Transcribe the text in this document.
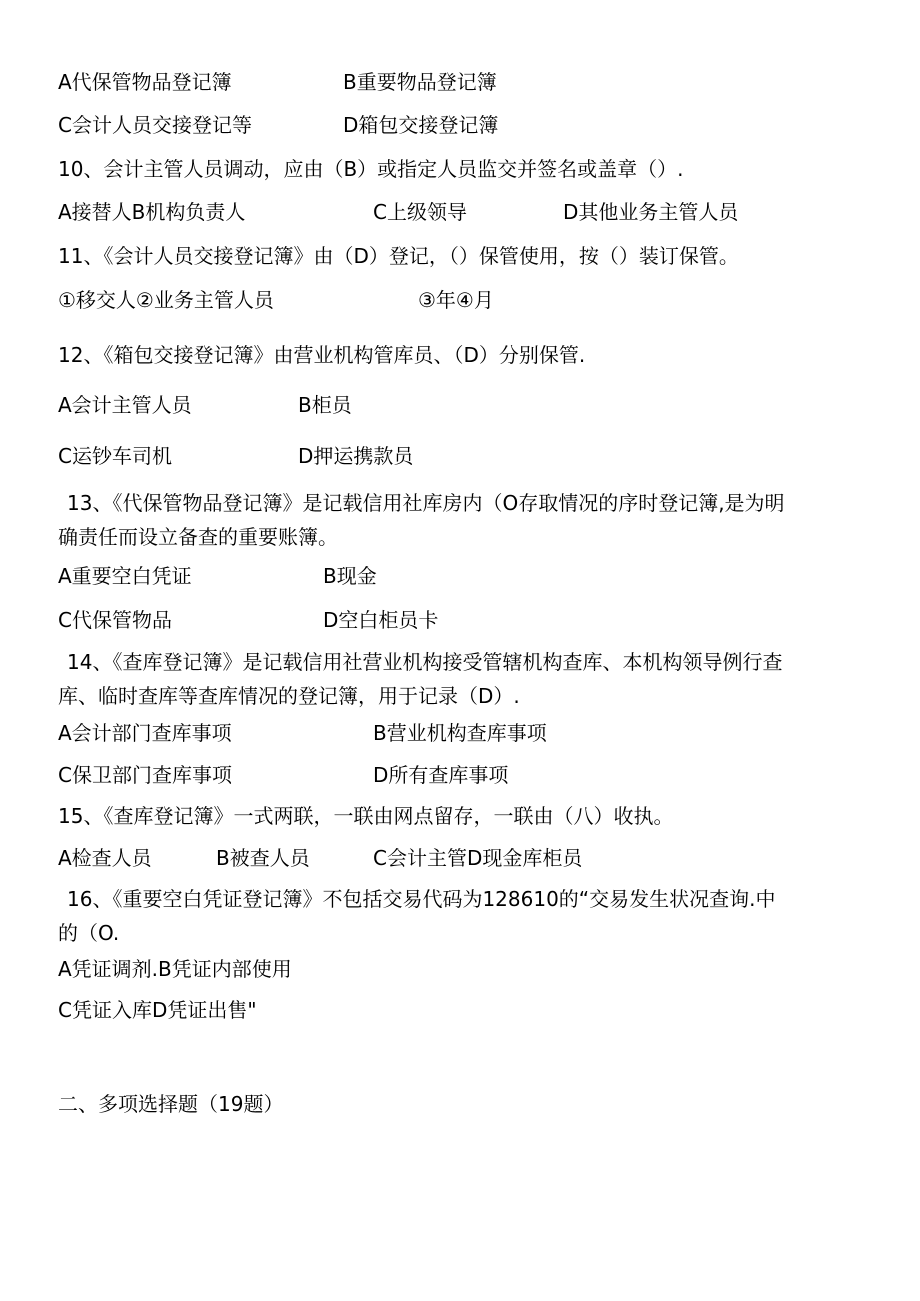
A代保管物品登记簿	B重要物品登记簿
C会计人员交接登记等	D箱包交接登记簿
10、会计主管人员调动，应由（B）或指定人员监交并签名或盖章（）.
A接替人B机构负责人	C上级领导	D其他业务主管人员
11、《会计人员交接登记簿》由（D）登记，（）保管使用，按（）装订保管。
①移交人②业务主管人员	③年④月
12、《箱包交接登记簿》由营业机构管库员、（D）分别保管.
A会计主管人员	B柜员
C运钞车司机	D押运携款员
13、《代保管物品登记簿》是记载信用社库房内（O存取情况的序时登记簿,是为明
确责任而设立备查的重要账簿。
A重要空白凭证	B现金
C代保管物品	D空白柜员卡
14、《查库登记簿》是记载信用社营业机构接受管辖机构查库、本机构领导例行查
库、临时查库等查库情况的登记簿，用于记录（D）.
A会计部门查库事项	B营业机构查库事项
C保卫部门查库事项	D所有查库事项
15、《查库登记簿》一式两联，一联由网点留存，一联由（八）收执。
A检查人员	B被查人员	C会计主管D现金库柜员
16、《重要空白凭证登记簿》不包括交易代码为128610的“交易发生状况查询.中
的（O.
A凭证调剂.B凭证内部使用
C凭证入库D凭证出售"
二、多项选择题（19题）
